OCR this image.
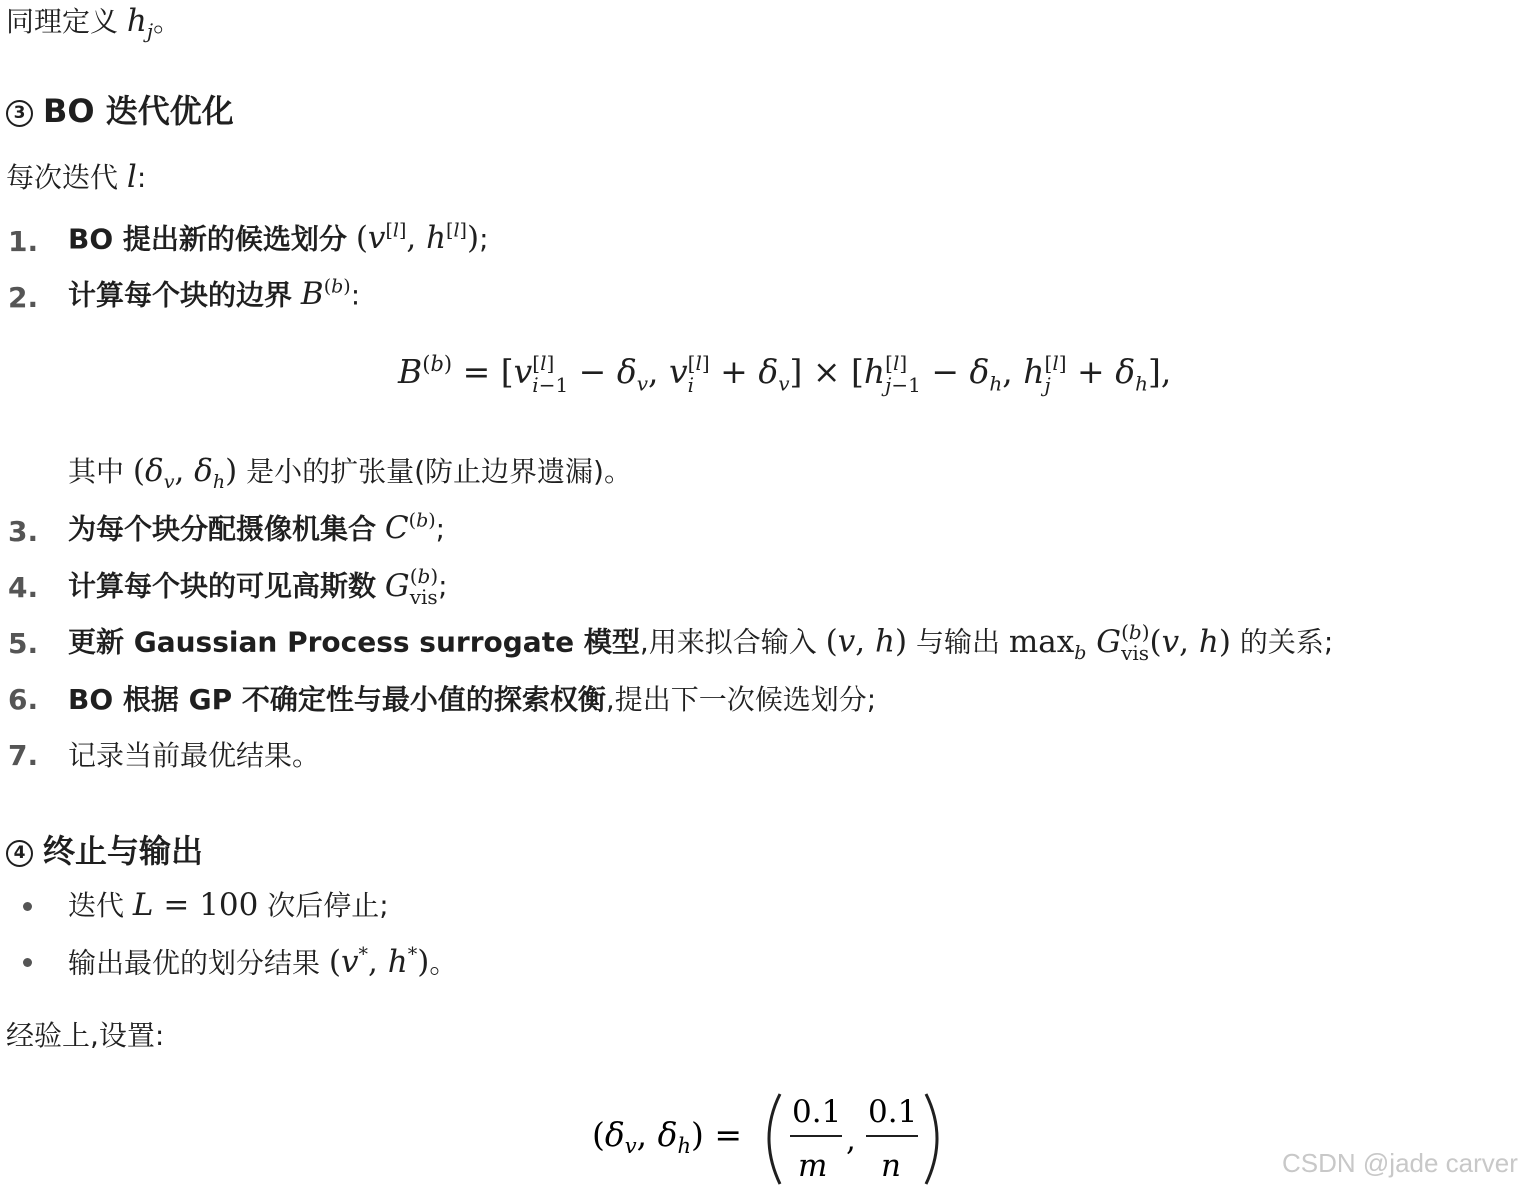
同理定义 $h_j$。
3 BO 迭代优化
每次迭代 l:
1. BO 提出新的候选划分 (v[l], h[l]);
2. 计算每个块的边界 $B^{(b)}$:
$B^{(b)} = [v$ [l]
$i-1 - \delta_v$, v [l]
$i + \delta_v] \times [h$ [l]
$j-1 - \delta_h$, h [l]
$j + \delta_h$],
其中 ($\delta_v$, $\delta_h$) 是小的扩张量(防止边界遗漏)。
3. 为每个块分配摄像机集合 $C^{(b)}$;
4. 计算每个块的可见高斯数 G (b)
vis ;
5. 更新 Gaussian Process surrogate 模型,用来拟合输入 (v, h) 与输出 $\max_b G$ (b)
vis (v, h) 的关系;
6. BO 根据 GP 不确定性与最小值的探索权衡,提出下一次候选划分;
7. 记录当前最优结果。
4 终止与输出
迭代 L = 100 次后停止;
输出最优的划分结果 (v*, h*)。
经验上,设置:
($\delta_v$, $\delta_h$) =
0.1
m
,
0.1
n	CSDN @jade carver
